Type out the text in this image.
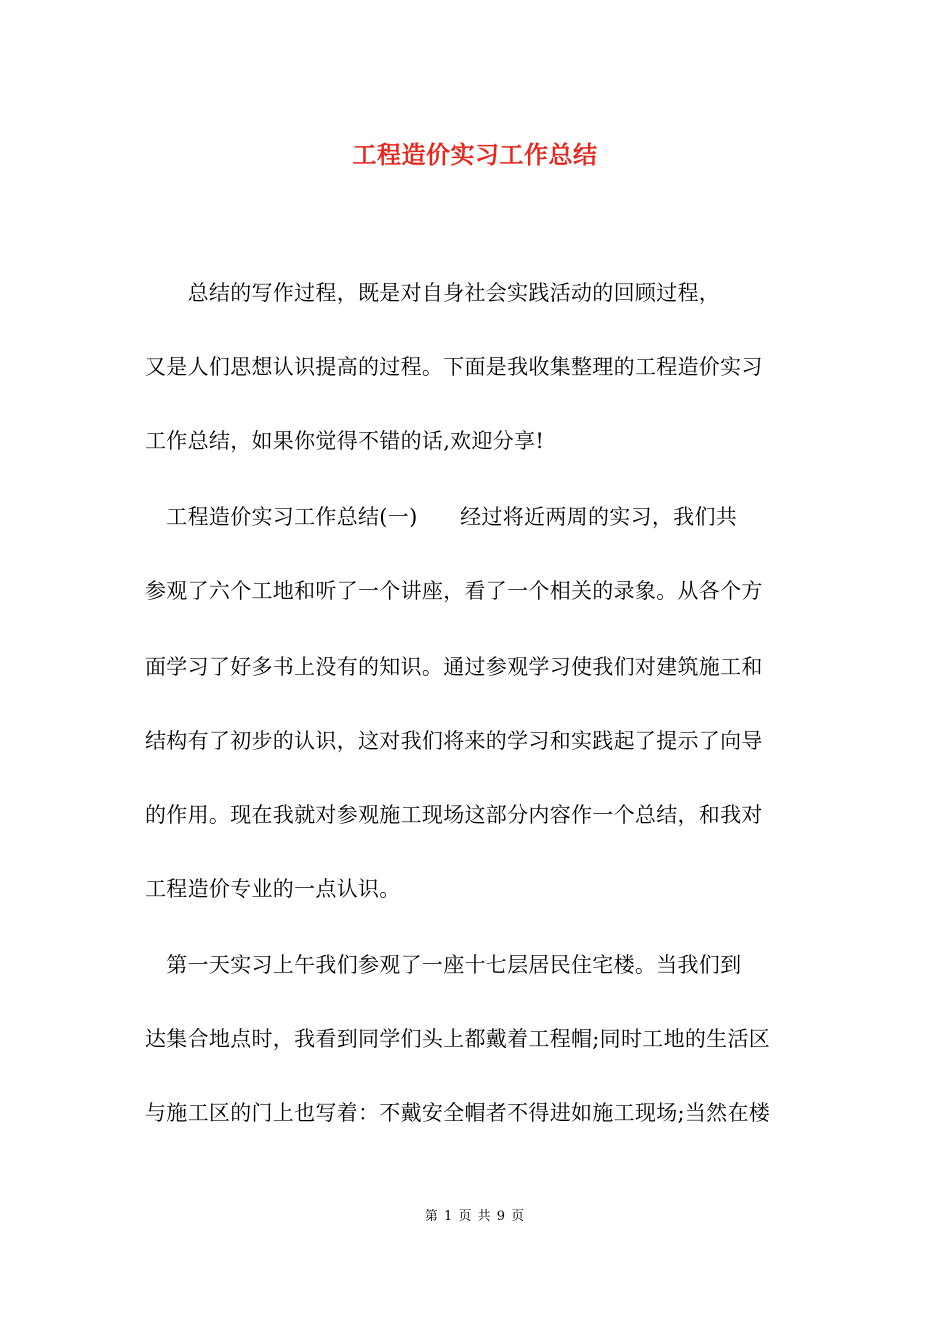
工程造价实习工作总结
　　总结的写作过程，既是对自身社会实践活动的回顾过程，
又是人们思想认识提高的过程。下面是我收集整理的工程造价实习
工作总结，如果你觉得不错的话,欢迎分享!
　工程造价实习工作总结(一)　　经过将近两周的实习，我们共
参观了六个工地和听了一个讲座，看了一个相关的录象。从各个方
面学习了好多书上没有的知识。通过参观学习使我们对建筑施工和
结构有了初步的认识，这对我们将来的学习和实践起了提示了向导
的作用。现在我就对参观施工现场这部分内容作一个总结，和我对
工程造价专业的一点认识。
　第一天实习上午我们参观了一座十七层居民住宅楼。当我们到
达集合地点时，我看到同学们头上都戴着工程帽;同时工地的生活区
与施工区的门上也写着：不戴安全帽者不得进如施工现场;当然在楼
第 1 页 共 9 页
